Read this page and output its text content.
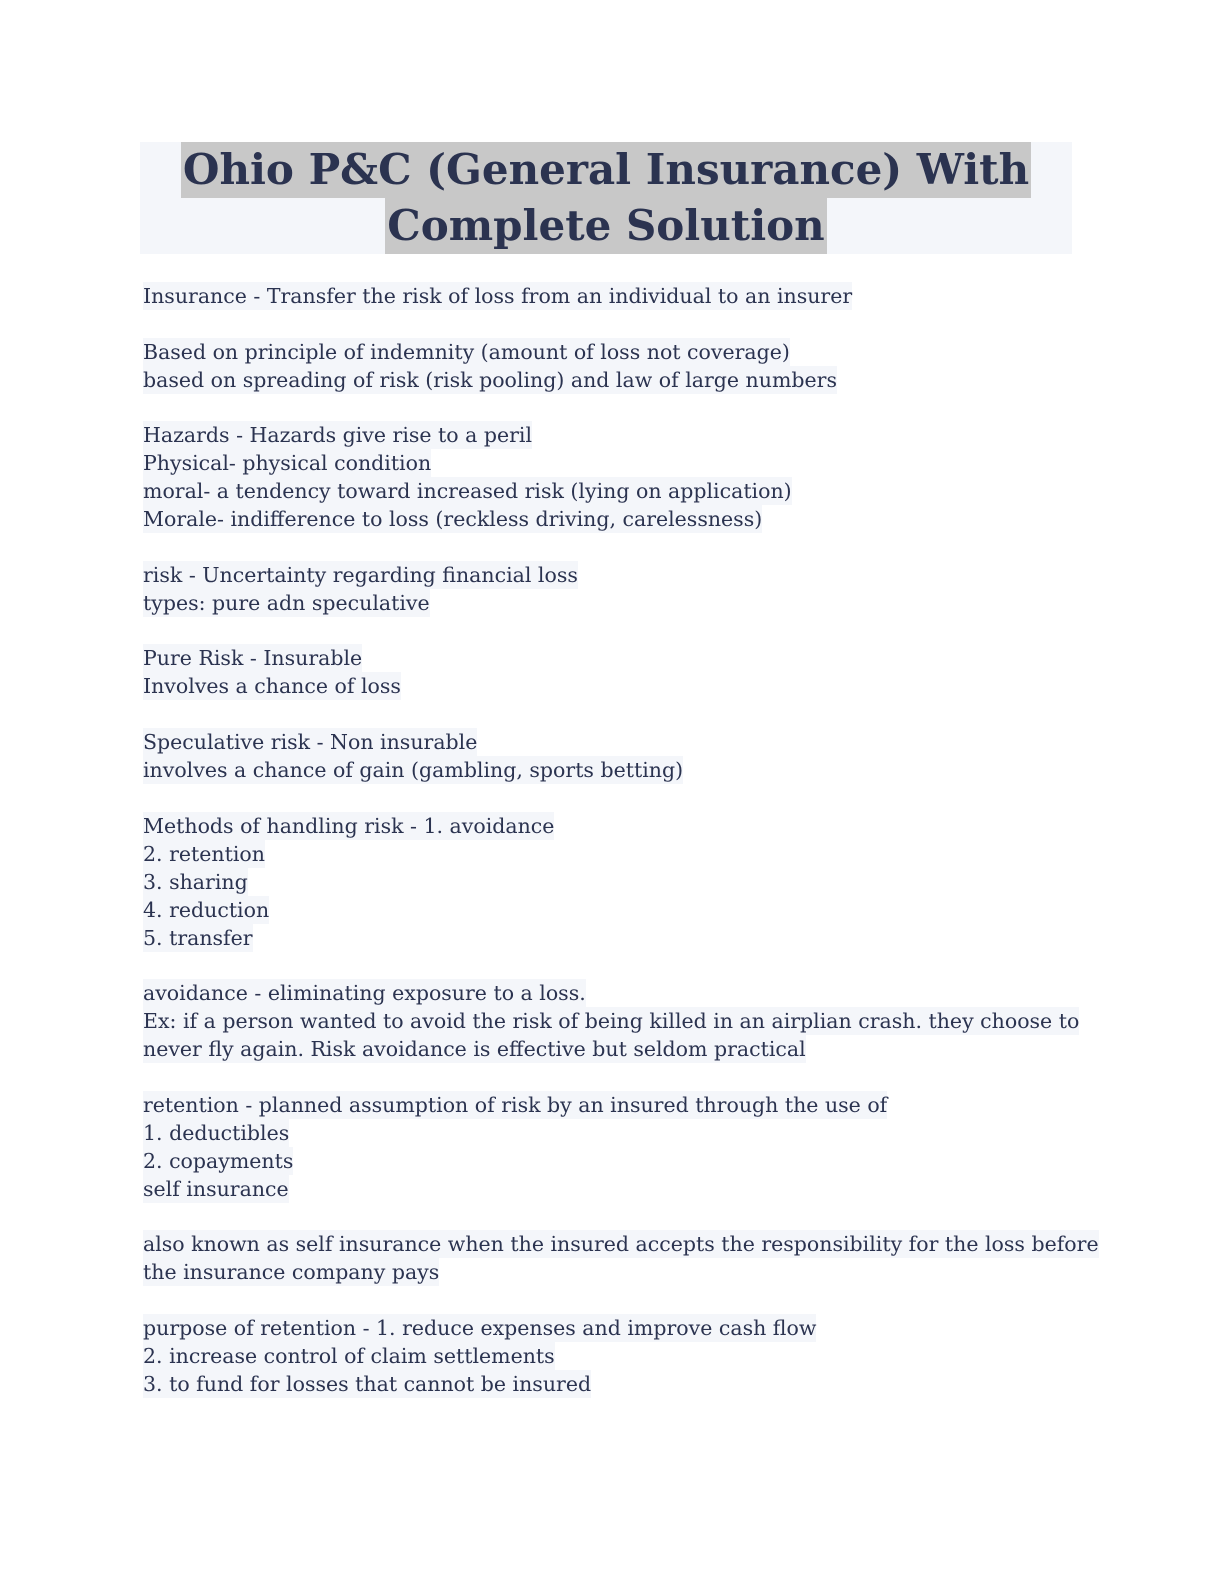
Ohio P&C (General Insurance) With
Complete Solution
Insurance - Transfer the risk of loss from an individual to an insurer
Based on principle of indemnity (amount of loss not coverage)
based on spreading of risk (risk pooling) and law of large numbers
Hazards - Hazards give rise to a peril
Physical- physical condition
moral- a tendency toward increased risk (lying on application)
Morale- indifference to loss (reckless driving, carelessness)
risk - Uncertainty regarding financial loss
types: pure adn speculative
Pure Risk - Insurable
Involves a chance of loss
Speculative risk - Non insurable
involves a chance of gain (gambling, sports betting)
Methods of handling risk - 1. avoidance
2. retention
3. sharing
4. reduction
5. transfer
avoidance - eliminating exposure to a loss.
Ex: if a person wanted to avoid the risk of being killed in an airplian crash. they choose to
never fly again. Risk avoidance is effective but seldom practical
retention - planned assumption of risk by an insured through the use of
1. deductibles
2. copayments
self insurance
also known as self insurance when the insured accepts the responsibility for the loss before
the insurance company pays
purpose of retention - 1. reduce expenses and improve cash flow
2. increase control of claim settlements
3. to fund for losses that cannot be insured
